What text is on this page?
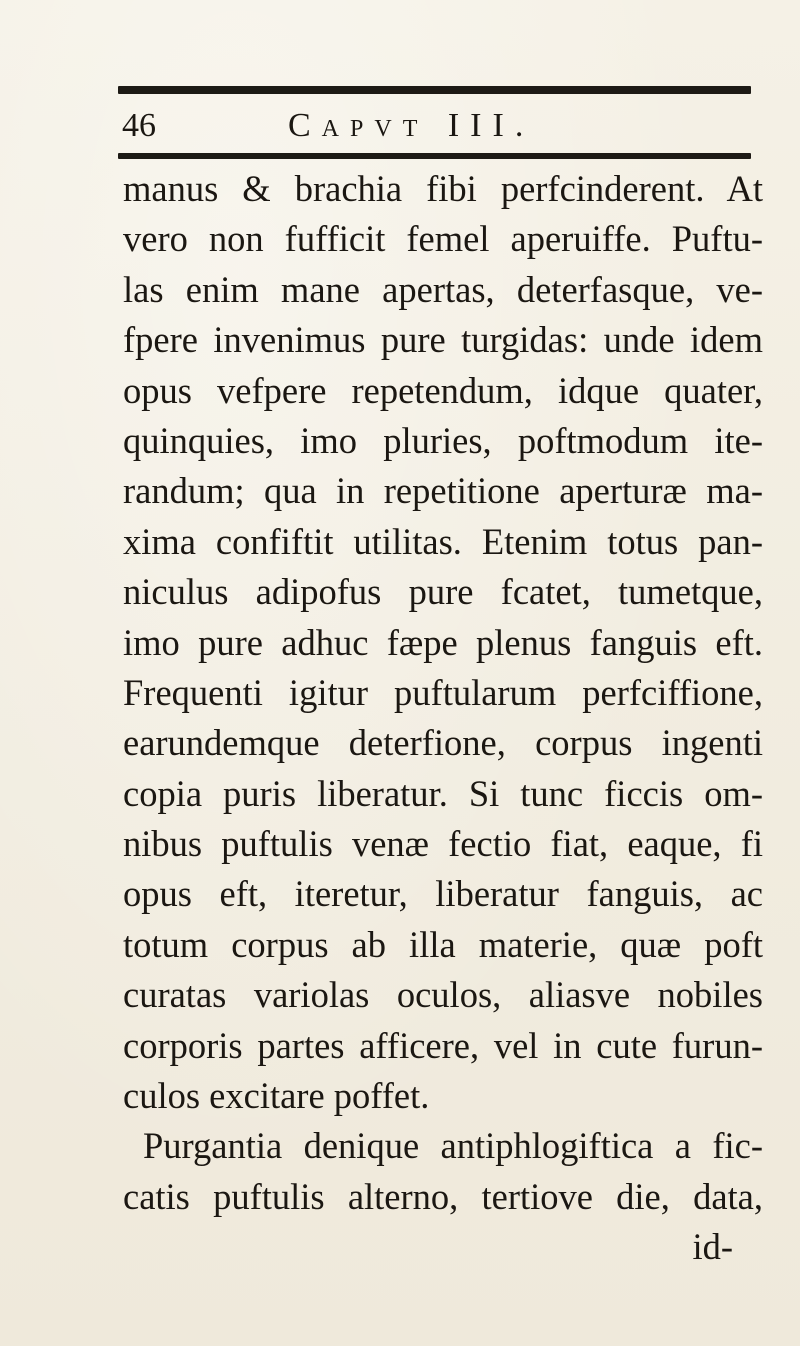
46	Capvt III.
manus & brachia fibi perfcinderent. At
vero non fufficit femel aperuiffe. Puftu-
las enim mane apertas, deterfasque, ve-
fpere invenimus pure turgidas: unde idem
opus vefpere repetendum, idque quater,
quinquies, imo pluries, poftmodum ite-
randum; qua in repetitione aperturæ ma-
xima confiftit utilitas. Etenim totus pan-
niculus adipofus pure fcatet, tumetque,
imo pure adhuc fæpe plenus fanguis eft.
Frequenti igitur puftularum perfciffione,
earundemque deterfione, corpus ingenti
copia puris liberatur. Si tunc ficcis om-
nibus puftulis venæ fectio fiat, eaque, fi
opus eft, iteretur, liberatur fanguis, ac
totum corpus ab illa materie, quæ poft
curatas variolas oculos, aliasve nobiles
corporis partes afficere, vel in cute furun-
culos excitare poffet.
Purgantia denique antiphlogiftica a fic-
catis puftulis alterno, tertiove die, data,
id-
